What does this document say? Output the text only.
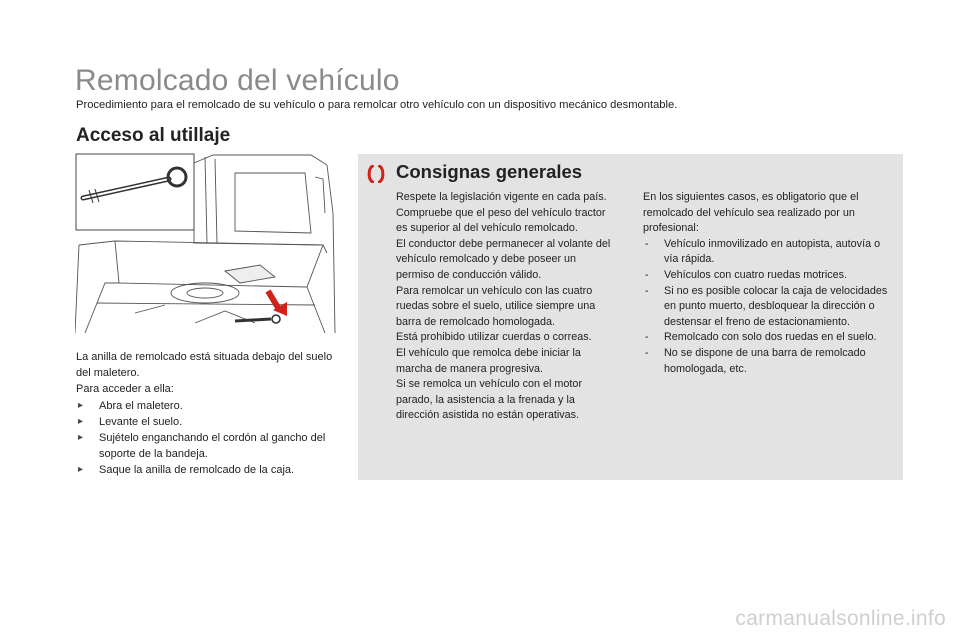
Remolcado del vehículo

Procedimiento para el remolcado de su vehículo o para remolcar otro vehículo con un dispositivo mecánico desmontable.

Acceso al utillaje

La anilla de remolcado está situada debajo del suelo del maletero.

Para acceder a ella:

▸ Abra el maletero.
▸ Levante el suelo.
▸ Sujételo enganchando el cordón al gancho del soporte de la bandeja.
▸ Saque la anilla de remolcado de la caja.
Consignas generales

Respete la legislación vigente en cada país.

Compruebe que el peso del vehículo tractor es superior al del vehículo remolcado.

El conductor debe permanecer al volante del vehículo remolcado y debe poseer un permiso de conducción válido.

Para remolcar un vehículo con las cuatro ruedas sobre el suelo, utilice siempre una barra de remolcado homologada.

Está prohibido utilizar cuerdas o correas.

El vehículo que remolca debe iniciar la marcha de manera progresiva.

Si se remolca un vehículo con el motor parado, la asistencia a la frenada y la dirección asistida no están operativas.

En los siguientes casos, es obligatorio que el remolcado del vehículo sea realizado por un profesional:

- Vehículo inmovilizado en autopista, autovía o vía rápida.
- Vehículos con cuatro ruedas motrices.
- Si no es posible colocar la caja de velocidades en punto muerto, desbloquear la dirección o destensar el freno de estacionamiento.
- Remolcado con solo dos ruedas en el suelo.
- No se dispone de una barra de remolcado homologada, etc.
carmanualsonline.info
